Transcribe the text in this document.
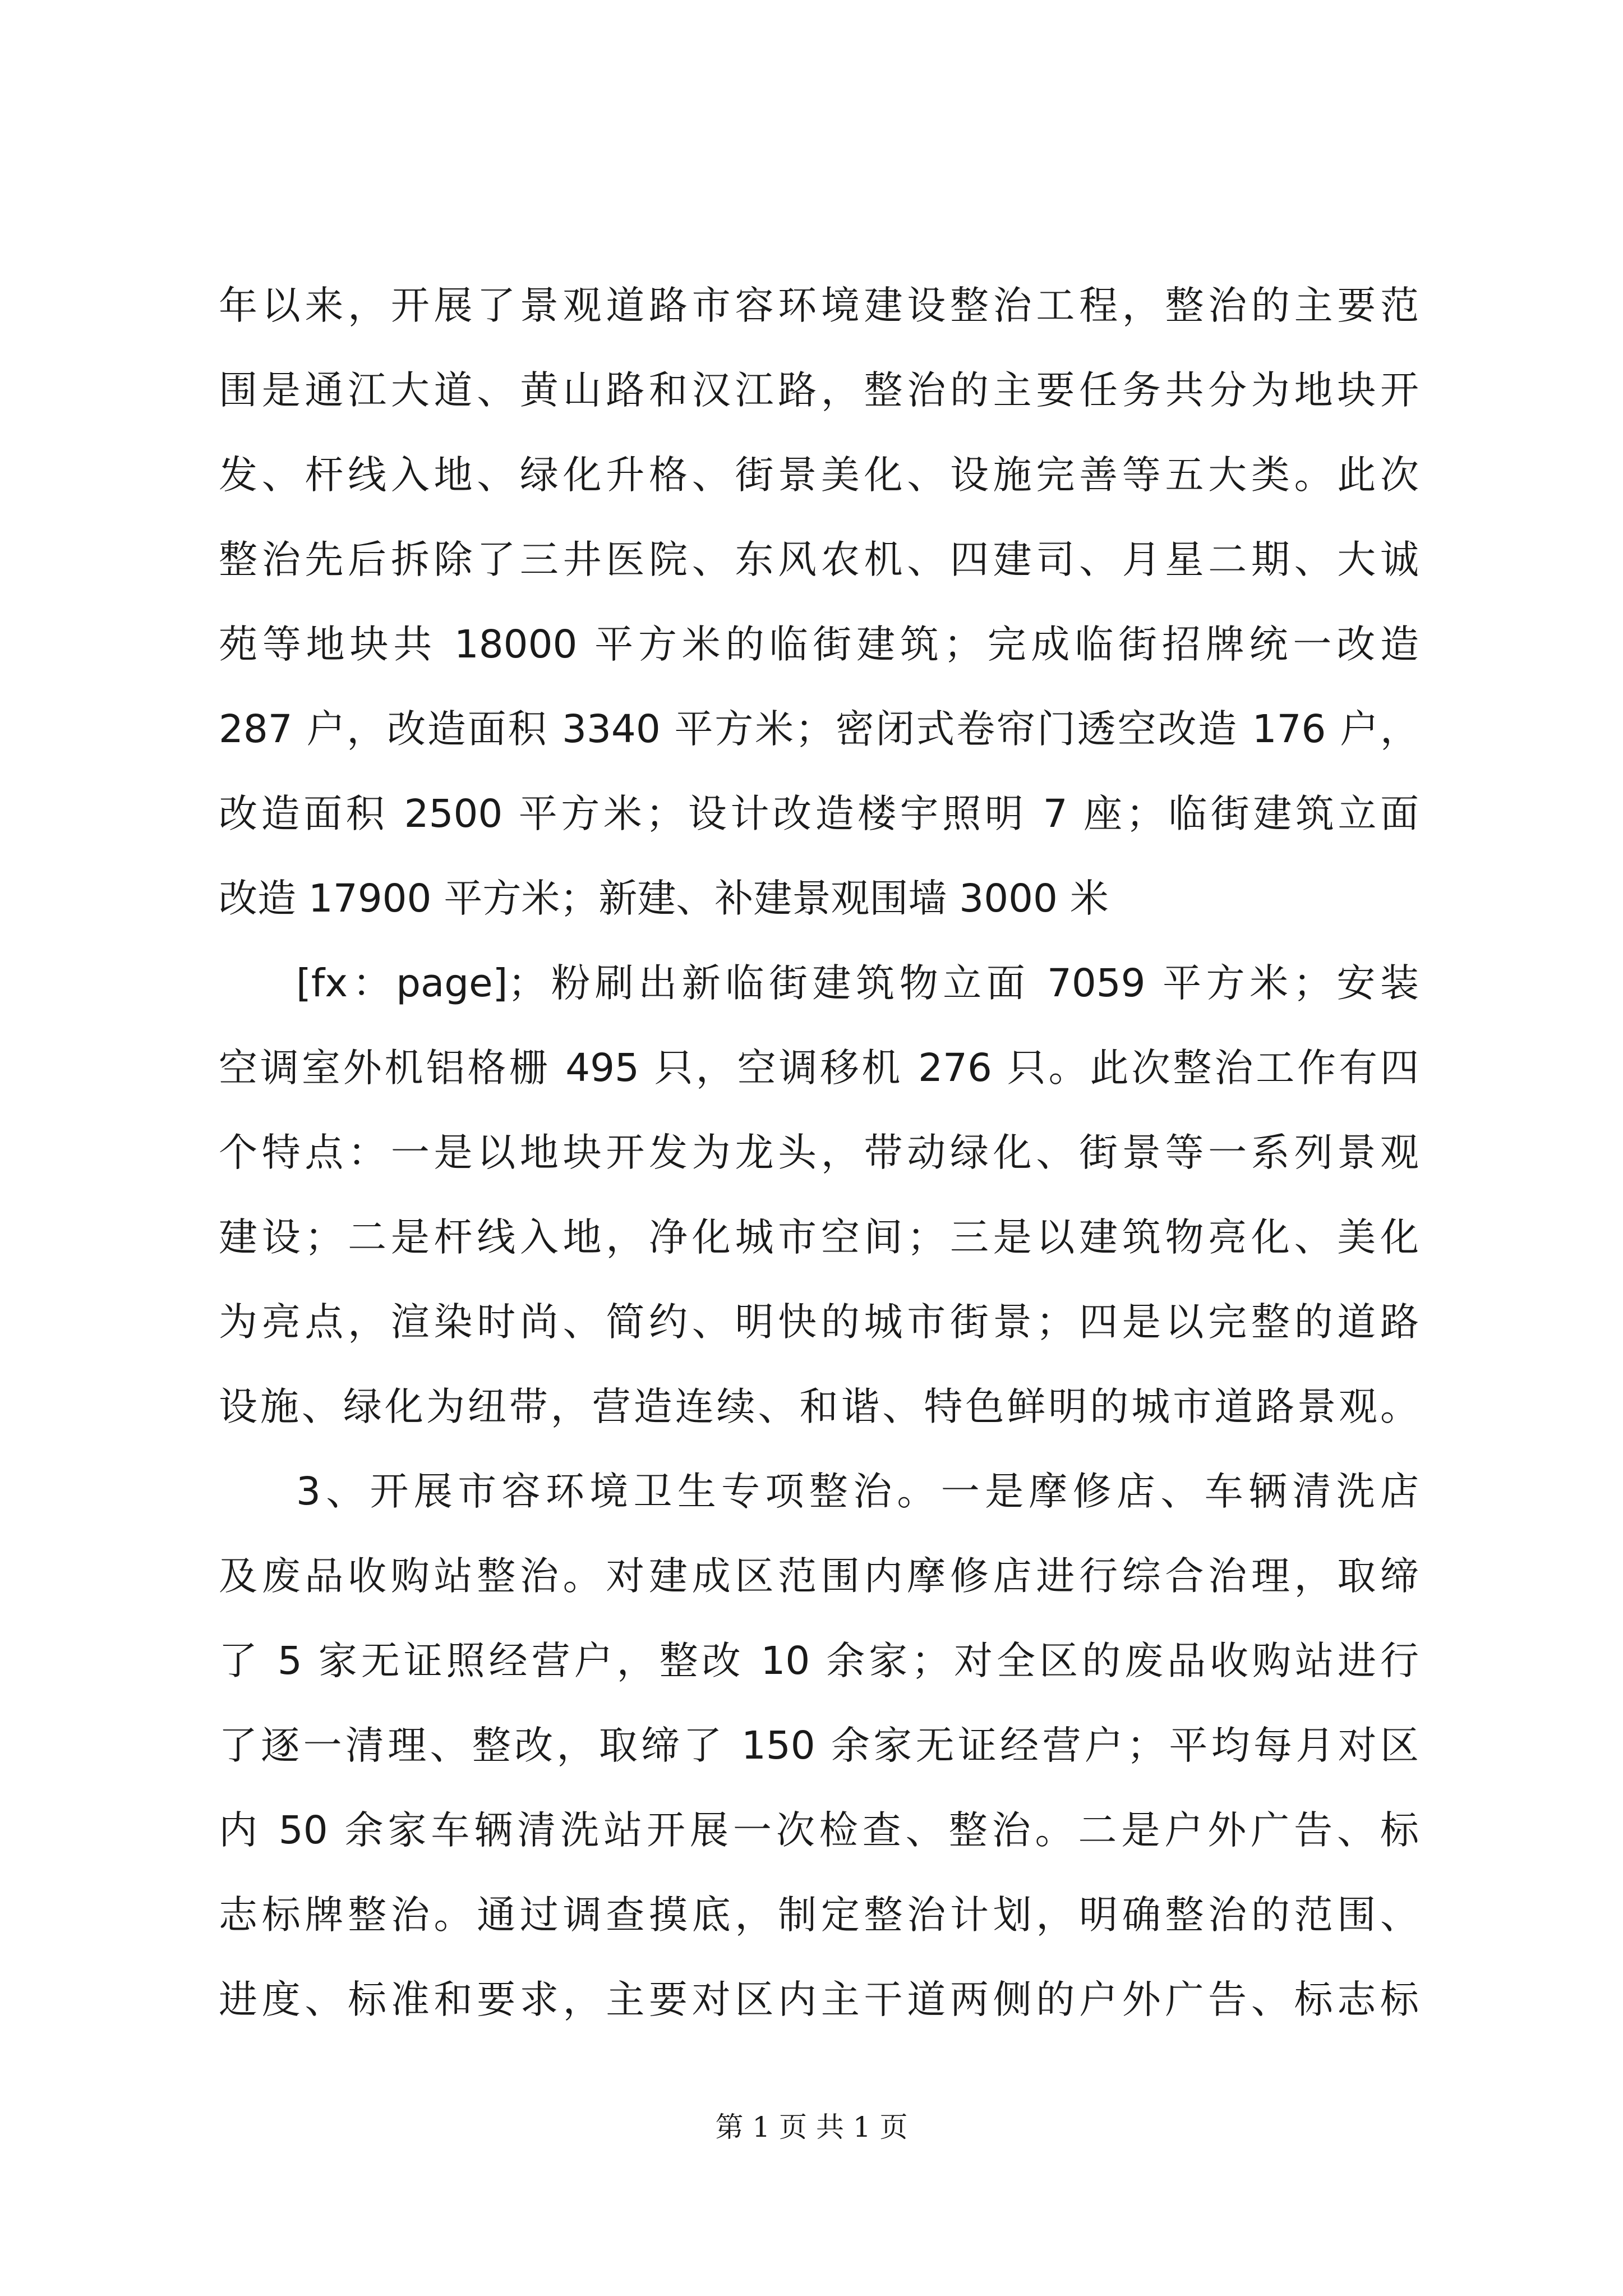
年以来，开展了景观道路市容环境建设整治工程，整治的主要范
围是通江大道、黄山路和汉江路，整治的主要任务共分为地块开
发、杆线入地、绿化升格、街景美化、设施完善等五大类。此次
整治先后拆除了三井医院、东风农机、四建司、月星二期、大诚
苑等地块共 18000 平方米的临街建筑；完成临街招牌统一改造
287 户，改造面积 3340 平方米；密闭式卷帘门透空改造 176 户，
改造面积 2500 平方米；设计改造楼宇照明 7 座；临街建筑立面
改造 17900 平方米；新建、补建景观围墙 3000 米
[fx：page]；粉刷出新临街建筑物立面 7059 平方米；安装
空调室外机铝格栅 495 只，空调移机 276 只。此次整治工作有四
个特点：一是以地块开发为龙头，带动绿化、街景等一系列景观
建设；二是杆线入地，净化城市空间；三是以建筑物亮化、美化
为亮点，渲染时尚、简约、明快的城市街景；四是以完整的道路
设施、绿化为纽带，营造连续、和谐、特色鲜明的城市道路景观。
3、开展市容环境卫生专项整治。一是摩修店、车辆清洗店
及废品收购站整治。对建成区范围内摩修店进行综合治理，取缔
了 5 家无证照经营户，整改 10 余家；对全区的废品收购站进行
了逐一清理、整改，取缔了 150 余家无证经营户；平均每月对区
内 50 余家车辆清洗站开展一次检查、整治。二是户外广告、标
志标牌整治。通过调查摸底，制定整治计划，明确整治的范围、
进度、标准和要求，主要对区内主干道两侧的户外广告、标志标
第 1 页 共 1 页
